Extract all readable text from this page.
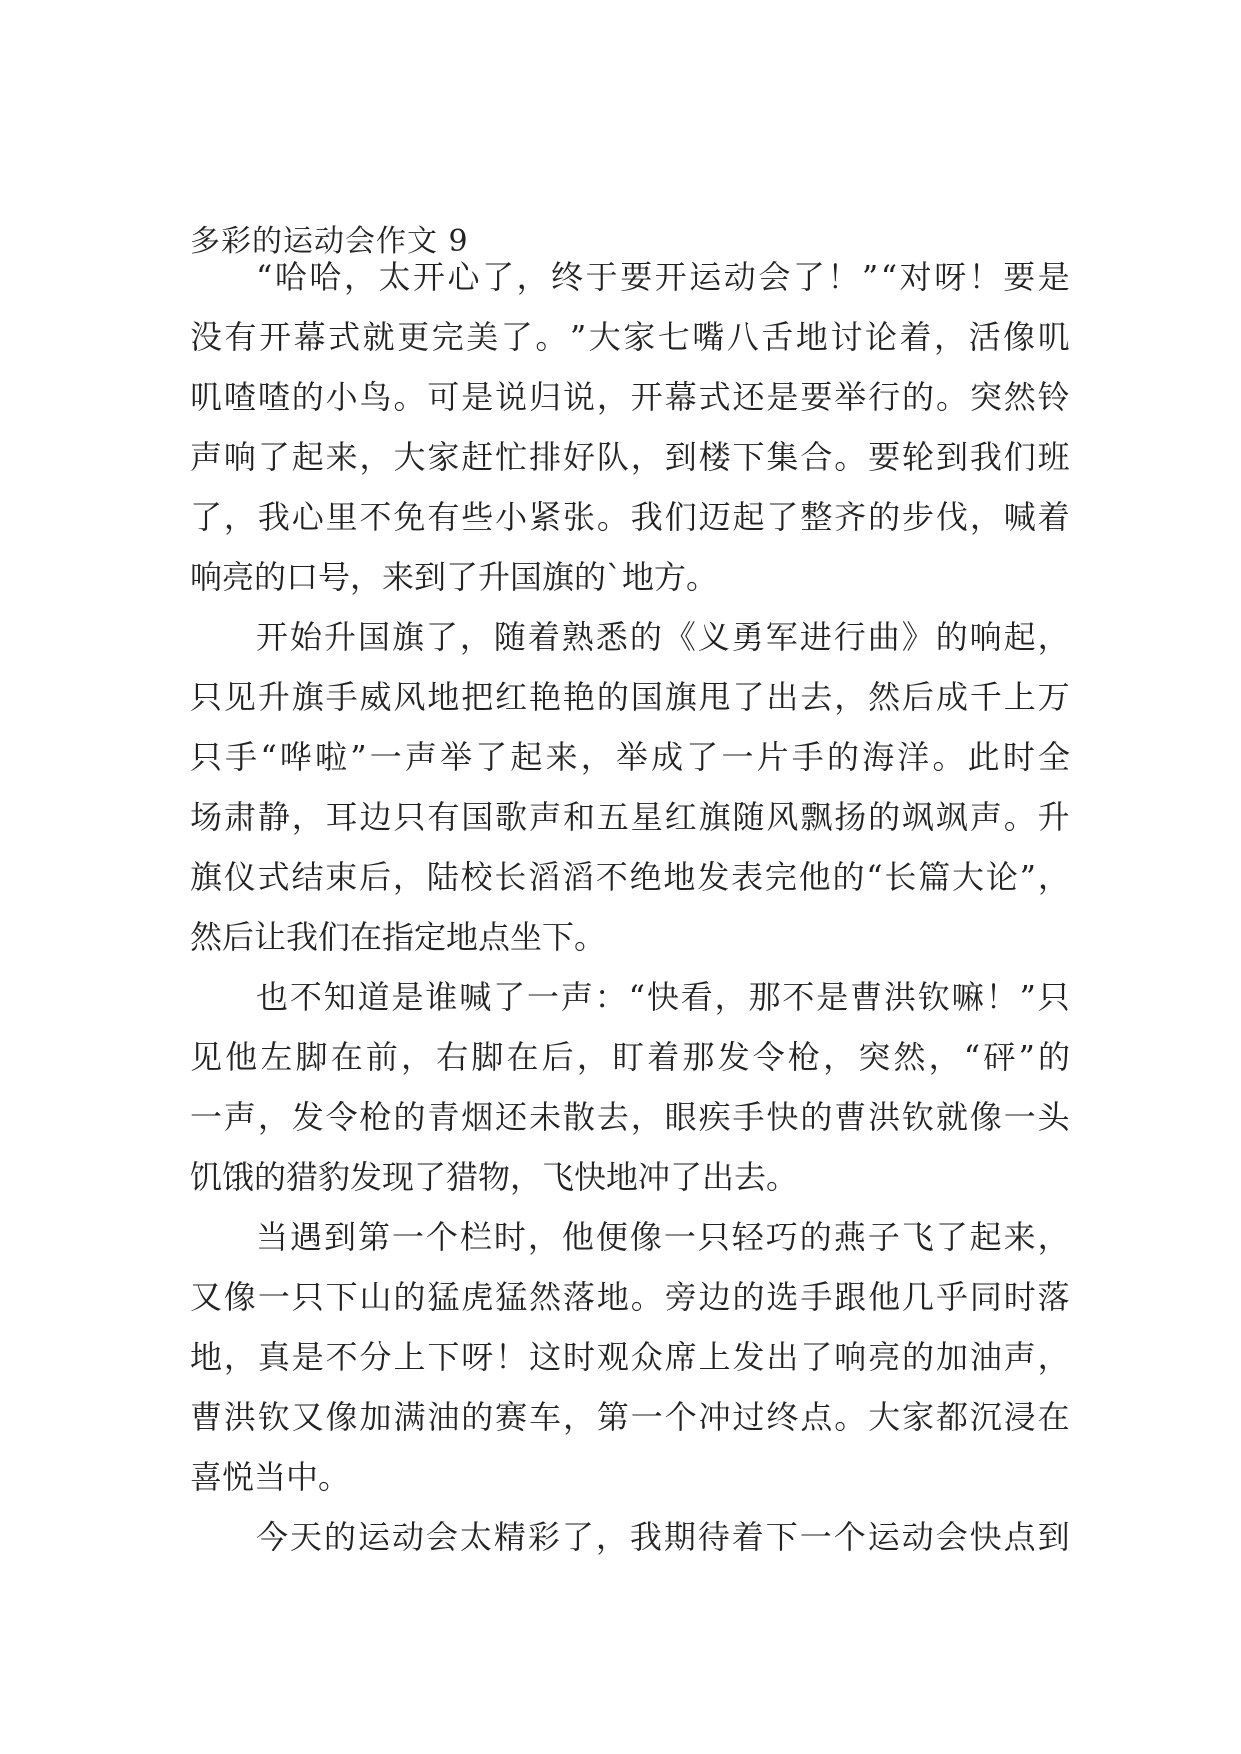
多彩的运动会作文 9
“ 哈 哈 ， 太 开 心 了 ， 终 于 要 开 运 动 会 了 ！ ” “ 对 呀 ！ 要 是
没 有 开 幕 式 就 更 完 美 了 。 ” 大 家 七 嘴 八 舌 地 讨 论 着 ， 活 像 叽
叽 喳 喳 的 小 鸟 。 可 是 说 归 说 ， 开 幕 式 还 是 要 举 行 的 。 突 然 铃
声 响 了 起 来 ， 大 家 赶 忙 排 好 队 ， 到 楼 下 集 合 。 要 轮 到 我 们 班
了 ， 我 心 里 不 免 有 些 小 紧 张 。 我 们 迈 起 了 整 齐 的 步 伐 ， 喊 着
响亮的口号，来到了升国旗的`地方。
开 始 升 国 旗 了 ， 随 着 熟 悉 的 《 义 勇 军 进 行 曲 》 的 响 起 ，
只 见 升 旗 手 威 风 地 把 红 艳 艳 的 国 旗 甩 了 出 去 ， 然 后 成 千 上 万
只 手 “ 哗 啦 ” 一 声 举 了 起 来 ， 举 成 了 一 片 手 的 海 洋 。 此 时 全
场 肃 静 ， 耳 边 只 有 国 歌 声 和 五 星 红 旗 随 风 飘 扬 的 飒 飒 声 。 升
旗 仪 式 结 束 后 ， 陆 校 长 滔 滔 不 绝 地 发 表 完 他 的 “ 长 篇 大 论 ” ，
然后让我们在指定地点坐下。
也 不 知 道 是 谁 喊 了 一 声 ： “ 快 看 ， 那 不 是 曹 洪 钦 嘛 ！ ” 只
见 他 左 脚 在 前 ， 右 脚 在 后 ， 盯 着 那 发 令 枪 ， 突 然 ， “ 砰 ” 的
一 声 ， 发 令 枪 的 青 烟 还 未 散 去 ， 眼 疾 手 快 的 曹 洪 钦 就 像 一 头
饥饿的猎豹发现了猎物，飞快地冲了出去。
当 遇 到 第 一 个 栏 时 ， 他 便 像 一 只 轻 巧 的 燕 子 飞 了 起 来 ，
又 像 一 只 下 山 的 猛 虎 猛 然 落 地 。 旁 边 的 选 手 跟 他 几 乎 同 时 落
地 ， 真 是 不 分 上 下 呀 ！ 这 时 观 众 席 上 发 出 了 响 亮 的 加 油 声 ，
曹 洪 钦 又 像 加 满 油 的 赛 车 ， 第 一 个 冲 过 终 点 。 大 家 都 沉 浸 在
喜悦当中。
今 天 的 运 动 会 太 精 彩 了 ， 我 期 待 着 下 一 个 运 动 会 快 点 到
